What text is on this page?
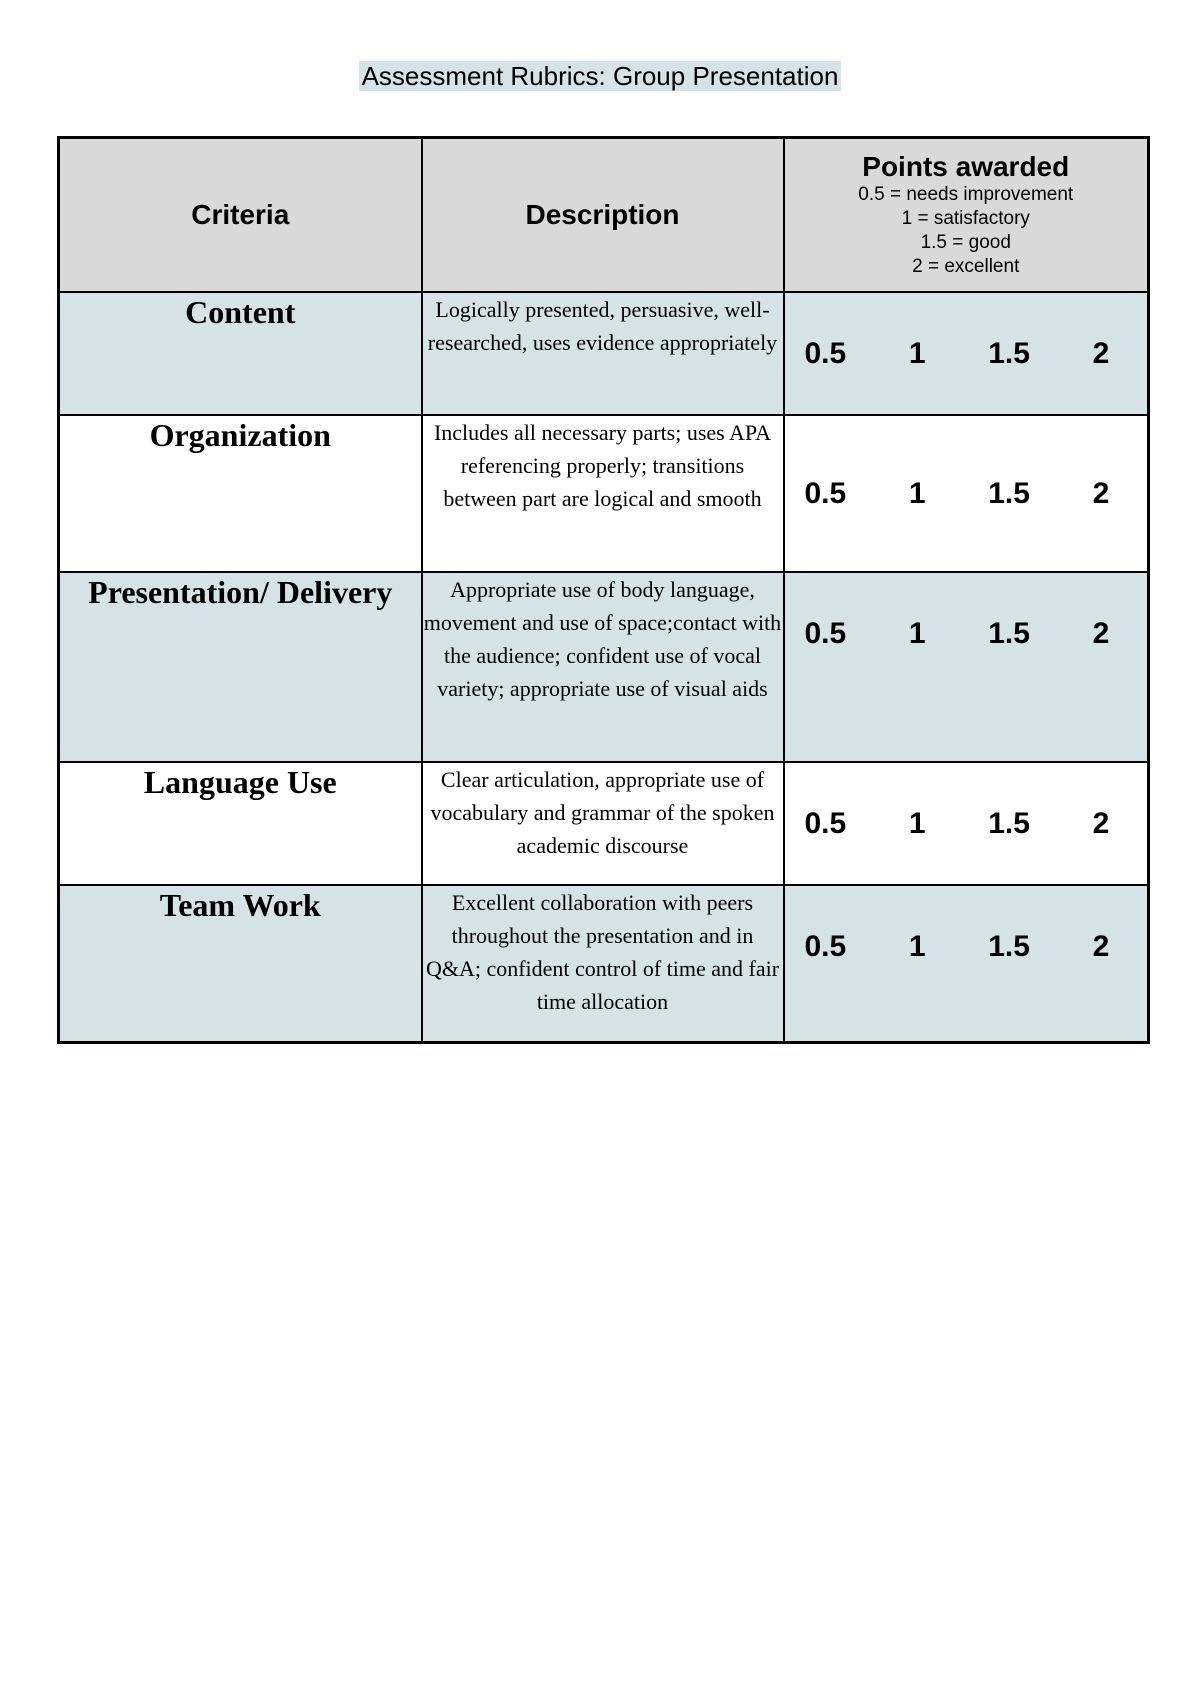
Assessment Rubrics: Group Presentation
Criteria	Description	Points awarded
0.5 = needs improvement
1 = satisfactory
1.5 = good
2 = excellent

Content	Logically presented, persuasive, well-researched, uses evidence appropriately	0.5 1 1.5 2

Organization	Includes all necessary parts; uses APA referencing properly; transitions between part are logical and smooth	0.5 1 1.5 2

Presentation/ Delivery	Appropriate use of body language, movement and use of space;contact with the audience; confident use of vocal variety; appropriate use of visual aids	0.5 1 1.5 2

Language Use	Clear articulation, appropriate use of vocabulary and grammar of the spoken academic discourse	0.5 1 1.5 2

Team Work	Excellent collaboration with peers throughout the presentation and in Q&A; confident control of time and fair time allocation	0.5 1 1.5 2
